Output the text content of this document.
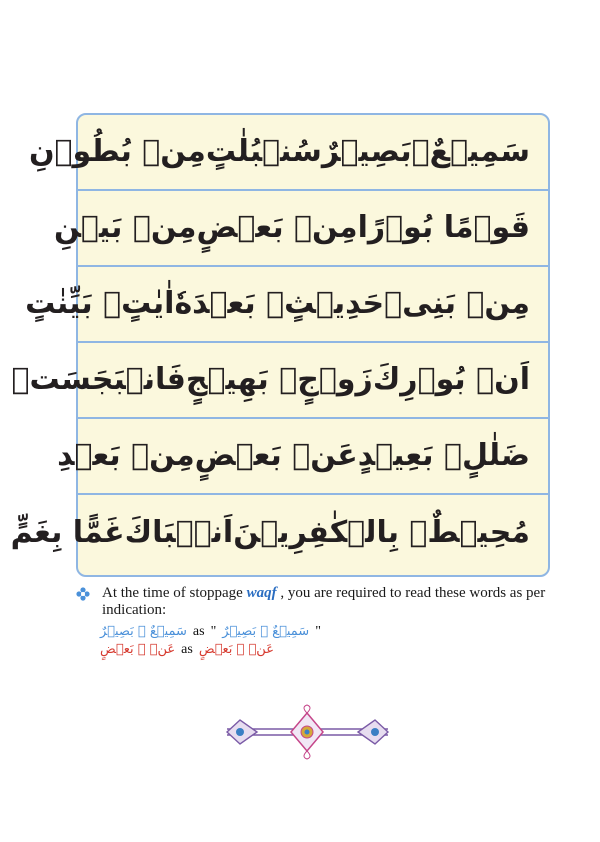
سَمِيۡعٌۢ
بَصِيۡرٌ
سُنۡبُلٰتٍ
مِنۡ بُطُوۡنِ
قَوۡمًا بُوۡرًا
مِنۡ بَعۡضٍ
مِنۡ بَيۡنِ
مِنۡ بَنِىۡ
حَدِيۡثٍۢ بَعۡدَهٗ
اٰيٰتٍۢ بَيِّنٰتٍ
اَنۡ بُوۡرِكَ
زَوۡجٍۢ بَهِيۡجٍ
فَانۡبَجَسَتۡ
ضَلٰلٍۢ بَعِيۡدٍ
عَنۡ بَعۡضٍ
مِنۡ بَعۡدِ
مُحِيۡطٌۢ بِالۡكٰفِرِيۡنَ
اَنۡۢبَاكَ
غَمًّا بِغَمٍّ
At the time of stoppage waqf , you are required to read these words as per indication:
سَمِيۡعٌ ۢ بَصِيۡرٌ as " سَمِيۡعٌ ۢ بَصِيۡرٌ "
عَنۡ ۢ بَعۡضٍ as عَنۡ ۢ بَعۡضٍ
